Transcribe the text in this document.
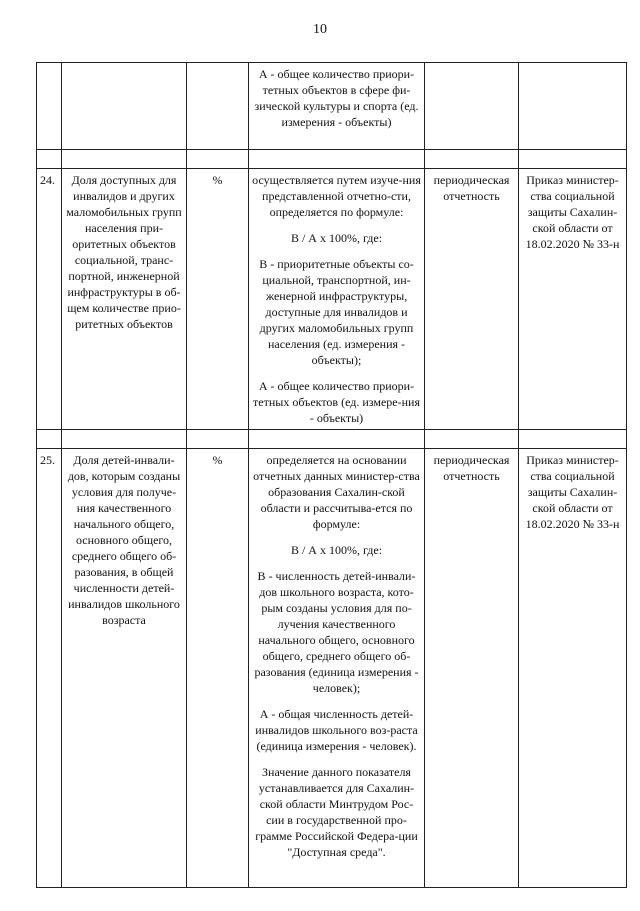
10

			А - общее количество приори-тетных объектов в сфере фи-зической культуры и спорта (ед. измерения - объекты)		

24.	Доля доступных для инвалидов и других маломобильных групп населения при-оритетных объектов социальной, транс-портной, инженерной инфраструктуры в об-щем количестве прио-ритетных объектов	%	осуществляется путем изуче-ния представленной отчетно-сти, определяется по формуле:

В / А х 100%, где:

В - приоритетные объекты со-циальной, транспортной, ин-женерной инфраструктуры, доступные для инвалидов и других маломобильных групп населения (ед. измерения - объекты);

А - общее количество приори-тетных объектов (ед. измере-ния - объекты)	периодическая отчетность	Приказ министер-ства социальной защиты Сахалин-ской области от 18.02.2020 № 33-н

25.	Доля детей-инвали-дов, которым созданы условия для получе-ния качественного начального общего, основного общего, среднего общего об-разования, в общей численности детей-инвалидов школьного возраста	%	определяется на основании отчетных данных министер-ства образования Сахалин-ской области и рассчитыва-ется по формуле:

В / А х 100%, где:

В - численность детей-инвали-дов школьного возраста, кото-рым созданы условия для по-лучения качественного начального общего, основного общего, среднего общего об-разования (единица измерения - человек);

А - общая численность детей-инвалидов школьного воз-раста (единица измерения - человек).

Значение данного показателя устанавливается для Сахалин-ской области Минтрудом Рос-сии в государственной про-грамме Российской Федера-ции "Доступная среда".	периодическая отчетность	Приказ министер-ства социальной защиты Сахалин-ской области от 18.02.2020 № 33-н
